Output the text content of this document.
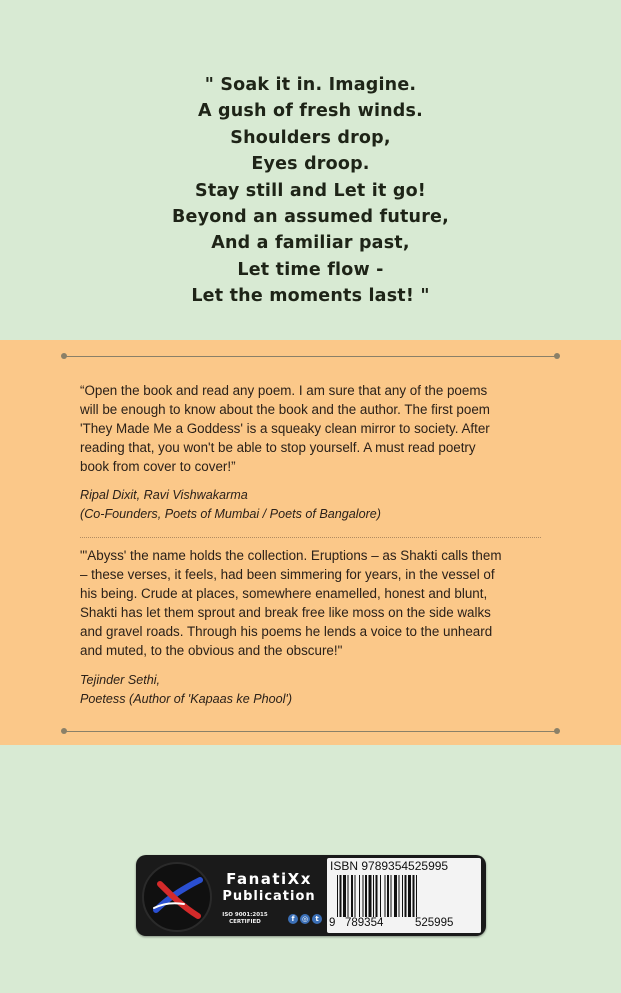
" Soak it in. Imagine.
A gush of fresh winds.
Shoulders drop,
Eyes droop.
Stay still and Let it go!
Beyond an assumed future,
And a familiar past,
Let time flow -
Let the moments last! "
“Open the book and read any poem. I am sure that any of the poems
will be enough to know about the book and the author. The first poem
'They Made Me a Goddess' is a squeaky clean mirror to society. After
reading that, you won't be able to stop yourself. A must read poetry
book from cover to cover!”
Ripal Dixit, Ravi Vishwakarma
(Co-Founders, Poets of Mumbai / Poets of Bangalore)
"'Abyss' the name holds the collection. Eruptions – as Shakti calls them
– these verses, it feels, had been simmering for years, in the vessel of
his being. Crude at places, somewhere enamelled, honest and blunt,
Shakti has let them sprout and break free like moss on the side walks
and gravel roads. Through his poems he lends a voice to the unheard
and muted, to the obvious and the obscure!"
Tejinder Sethi,
Poetess (Author of 'Kapaas ke Phool')
FanatiXx
Publication
ISO 9001:2015
CERTIFIED	f	◎	t
ISBN 9789354525995
9 789354	525995
